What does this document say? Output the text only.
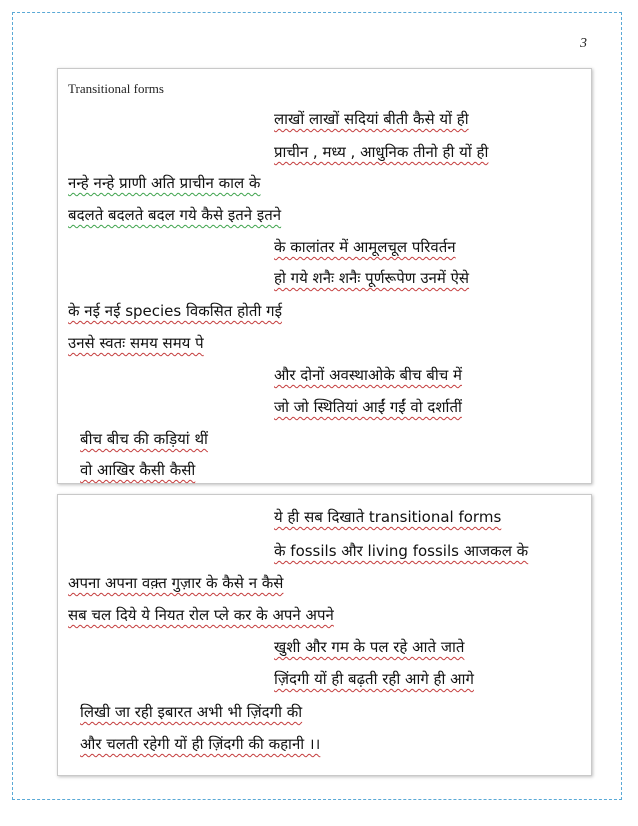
3
Transitional forms
लाखों लाखों सदियां बीती कैसे यों ही
प्राचीन , मध्य , आधुनिक तीनो ही यों ही
नन्हे नन्हे प्राणी अति प्राचीन काल के
बदलते बदलते बदल गये कैसे इतने इतने
के कालांतर में आमूलचूल परिवर्तन
हो गये शनैः शनैः पूर्णरूपेण उनमें ऐसे
के नई नई species विकसित होती गई
उनसे स्वतः समय समय पे
और दोनों अवस्थाओके बीच बीच में
जो जो स्थितियां आईं गईं वो दर्शातीं
बीच बीच की कड़ियां थीं
वो आखिर कैसी कैसी
ये ही सब दिखाते transitional forms
के fossils और living fossils आजकल के
अपना अपना वक़्त गुज़ार के कैसे न कैसे
सब चल दिये ये नियत रोल प्ले कर के अपने अपने
खुशी और गम के पल रहे आते जाते
ज़िंदगी यों ही बढ़ती रही आगे ही आगे
लिखी जा रही इबारत अभी भी ज़िंदगी की
और चलती रहेगी यों ही ज़िंदगी की कहानी ।।
